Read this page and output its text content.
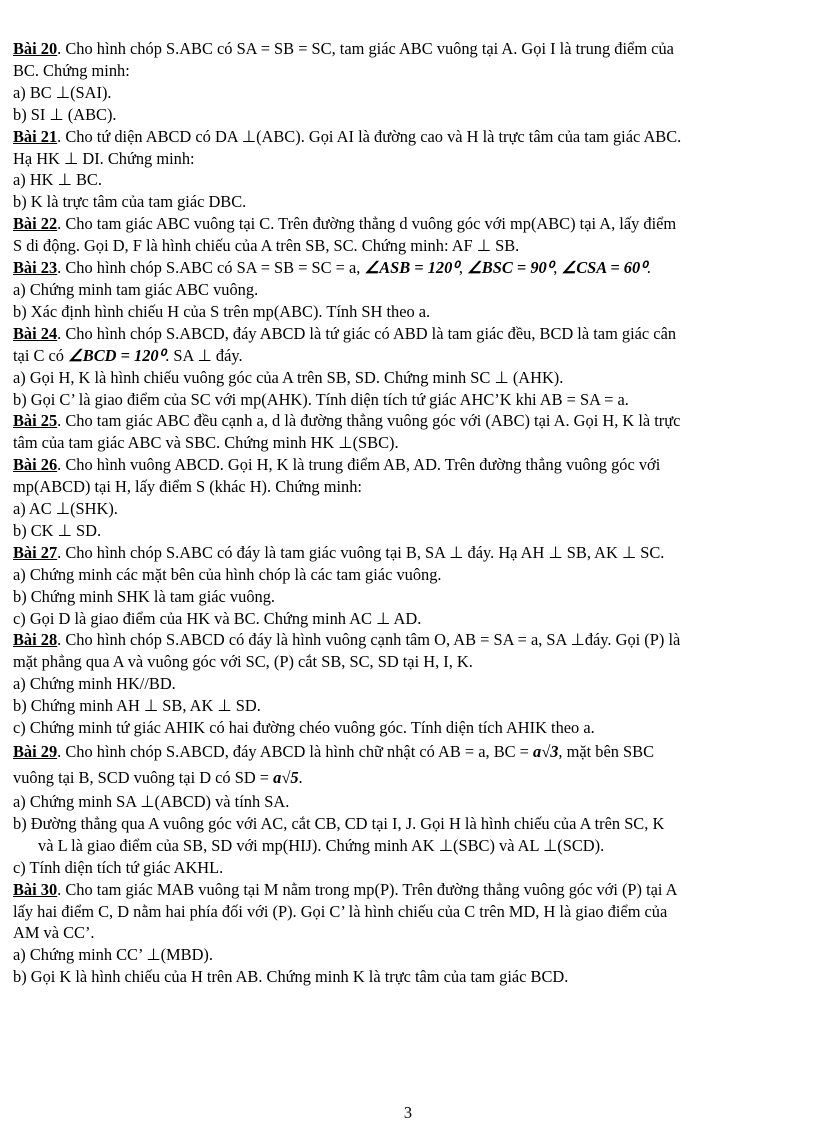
Bài 20. Cho hình chóp S.ABC có SA = SB = SC, tam giác ABC vuông tại A. Gọi I là trung điểm của
BC. Chứng minh:
a) BC ⊥(SAI).
b) SI ⊥ (ABC).
Bài 21. Cho tứ diện ABCD có DA ⊥(ABC). Gọi AI là đường cao và H là trực tâm của tam giác ABC.
Hạ HK ⊥ DI. Chứng minh:
a) HK ⊥ BC.
b) K là trực tâm của tam giác DBC.
Bài 22. Cho tam giác ABC vuông tại C. Trên đường thẳng d vuông góc với mp(ABC) tại A, lấy điểm
S di động. Gọi D, F là hình chiếu của A trên SB, SC. Chứng minh: AF ⊥ SB.
Bài 23. Cho hình chóp S.ABC có SA = SB = SC = a, ∠ASB = 120⁰, ∠BSC = 90⁰, ∠CSA = 60⁰.
a) Chứng minh tam giác ABC vuông.
b) Xác định hình chiếu H của S trên mp(ABC). Tính SH theo a.
Bài 24. Cho hình chóp S.ABCD, đáy ABCD là tứ giác có ABD là tam giác đều, BCD là tam giác cân
tại C có ∠BCD = 120⁰. SA ⊥ đáy.
a) Gọi H, K là hình chiếu vuông góc của A trên SB, SD. Chứng minh SC ⊥ (AHK).
b) Gọi C’ là giao điểm của SC với mp(AHK). Tính diện tích tứ giác AHC’K khi AB = SA = a.
Bài 25. Cho tam giác ABC đều cạnh a, d là đường thẳng vuông góc với (ABC) tại A. Gọi H, K là trực
tâm của tam giác ABC và SBC. Chứng minh HK ⊥(SBC).
Bài 26. Cho hình vuông ABCD. Gọi H, K là trung điểm AB, AD. Trên đường thẳng vuông góc với
mp(ABCD) tại H, lấy điểm S (khác H). Chứng minh:
a) AC ⊥(SHK).
b) CK ⊥ SD.
Bài 27. Cho hình chóp S.ABC có đáy là tam giác vuông tại B, SA ⊥ đáy. Hạ AH ⊥ SB, AK ⊥ SC.
a) Chứng minh các mặt bên của hình chóp là các tam giác vuông.
b) Chứng minh SHK là tam giác vuông.
c) Gọi D là giao điểm của HK và BC. Chứng minh AC ⊥ AD.
Bài 28. Cho hình chóp S.ABCD có đáy là hình vuông cạnh tâm O, AB = SA = a, SA ⊥đáy. Gọi (P) là
mặt phẳng qua A và vuông góc với SC, (P) cắt SB, SC, SD tại H, I, K.
a) Chứng minh HK//BD.
b) Chứng minh AH ⊥ SB, AK ⊥ SD.
c) Chứng minh tứ giác AHIK có hai đường chéo vuông góc. Tính diện tích AHIK theo a.
Bài 29. Cho hình chóp S.ABCD, đáy ABCD là hình chữ nhật có AB = a, BC = a√3, mặt bên SBC
vuông tại B, SCD vuông tại D có SD = a√5.
a) Chứng minh SA ⊥(ABCD) và tính SA.
b) Đường thẳng qua A vuông góc với AC, cắt CB, CD tại I, J. Gọi H là hình chiếu của A trên SC, K
và L là giao điểm của SB, SD với mp(HIJ). Chứng minh AK ⊥(SBC) và AL ⊥(SCD).
c) Tính diện tích tứ giác AKHL.
Bài 30. Cho tam giác MAB vuông tại M nằm trong mp(P). Trên đường thẳng vuông góc với (P) tại A
lấy hai điểm C, D nằm hai phía đối với (P). Gọi C’ là hình chiếu của C trên MD, H là giao điểm của
AM và CC’.
a) Chứng minh CC’ ⊥(MBD).
b) Gọi K là hình chiếu của H trên AB. Chứng minh K là trực tâm của tam giác BCD.
3
